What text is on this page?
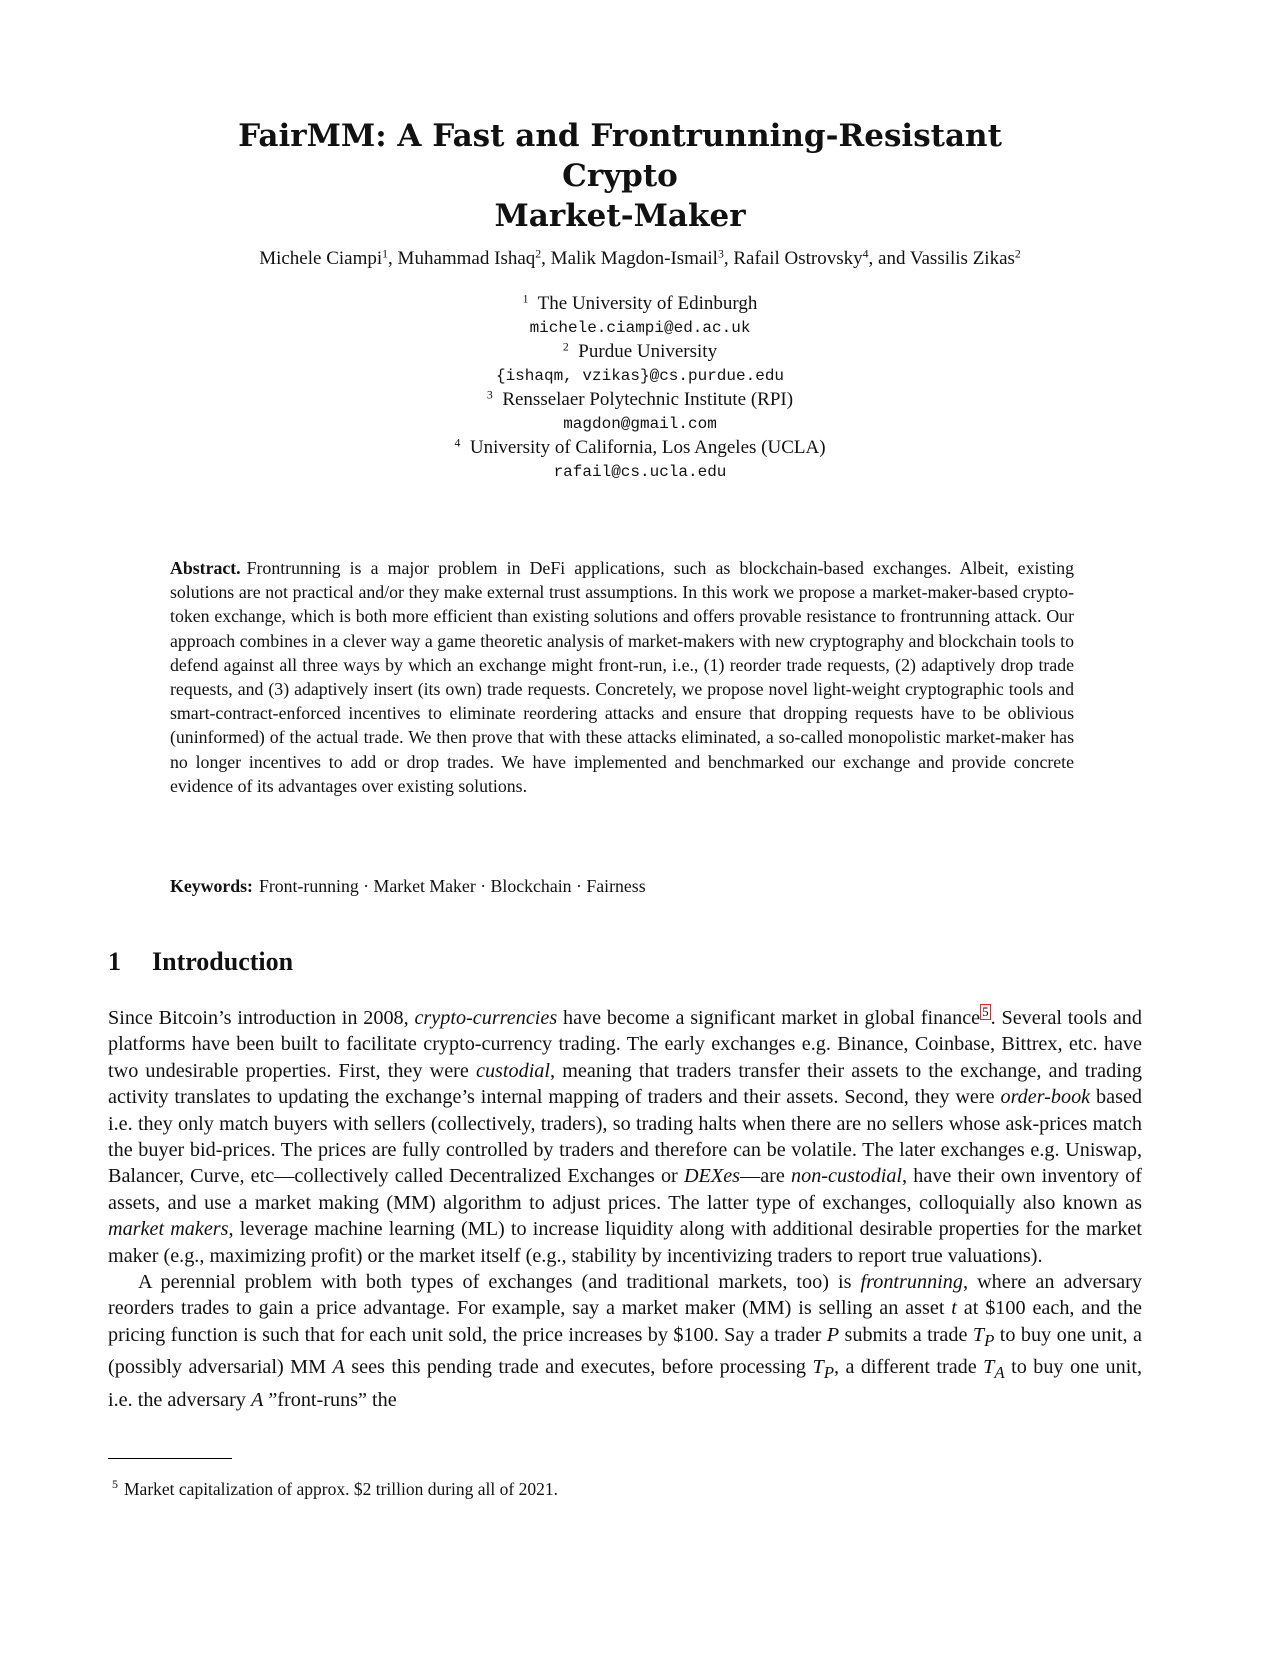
FairMM: A Fast and Frontrunning-Resistant Crypto
Market-Maker
Michele Ciampi$^1$, Muhammad Ishaq$^2$, Malik Magdon-Ismail$^3$, Rafail Ostrovsky$^4$, and Vassilis Zikas$^2$
$^1$ The University of Edinburgh
michele.ciampi@ed.ac.uk
$^2$ Purdue University
{ishaqm, vzikas}@cs.purdue.edu
$^3$ Rensselaer Polytechnic Institute (RPI)
magdon@gmail.com
$^4$ University of California, Los Angeles (UCLA)
rafail@cs.ucla.edu

Abstract. Frontrunning is a major problem in DeFi applications, such as blockchain-based exchanges. Albeit, existing solutions are not practical and/or they make external trust assumptions. In this work we propose a market-maker-based crypto-token exchange, which is both more efficient than existing solutions and offers provable resistance to frontrunning attack. Our approach combines in a clever way a game theoretic analysis of market-makers with new cryptography and blockchain tools to defend against all three ways by which an exchange might front-run, i.e., (1) reorder trade requests, (2) adaptively drop trade requests, and (3) adaptively insert (its own) trade requests. Concretely, we propose novel light-weight cryptographic tools and smart-contract-enforced incentives to eliminate reordering attacks and ensure that dropping requests have to be oblivious (uninformed) of the actual trade. We then prove that with these attacks eliminated, a so-called monopolistic market-maker has no longer incentives to add or drop trades. We have implemented and benchmarked our exchange and provide concrete evidence of its advantages over existing solutions.

Keywords: Front-running · Market Maker · Blockchain · Fairness
1 Introduction

Since Bitcoin’s introduction in 2008, crypto-currencies have become a significant market in global finance 5. Several tools and platforms have been built to facilitate crypto-currency trading. The early exchanges e.g. Binance, Coinbase, Bittrex, etc. have two undesirable properties. First, they were custodial, meaning that traders transfer their assets to the exchange, and trading activity translates to updating the exchange’s internal mapping of traders and their assets. Second, they were order-book based i.e. they only match buyers with sellers (collectively, traders), so trading halts when there are no sellers whose ask-prices match the buyer bid-prices. The prices are fully controlled by traders and therefore can be volatile. The later exchanges e.g. Uniswap, Balancer, Curve, etc—collectively called Decentralized Exchanges or DEXes—are non-custodial, have their own inventory of assets, and use a market making (MM) algorithm to adjust prices. The latter type of exchanges, colloquially also known as market makers, leverage machine learning (ML) to increase liquidity along with additional desirable properties for the market maker (e.g., maximizing profit) or the market itself (e.g., stability by incentivizing traders to report true valuations).

A perennial problem with both types of exchanges (and traditional markets, too) is frontrunning, where an adversary reorders trades to gain a price advantage. For example, say a market maker (MM) is selling an asset t at $100 each, and the pricing function is such that for each unit sold, the price increases by $100. Say a trader P submits a trade $T_P$ to buy one unit, a (possibly adversarial) MM A sees this pending trade and executes, before processing $T_P$, a different trade $T_A$ to buy one unit, i.e. the adversary A ”front-runs” the

$^5$ Market capitalization of approx. $2 trillion during all of 2021.
